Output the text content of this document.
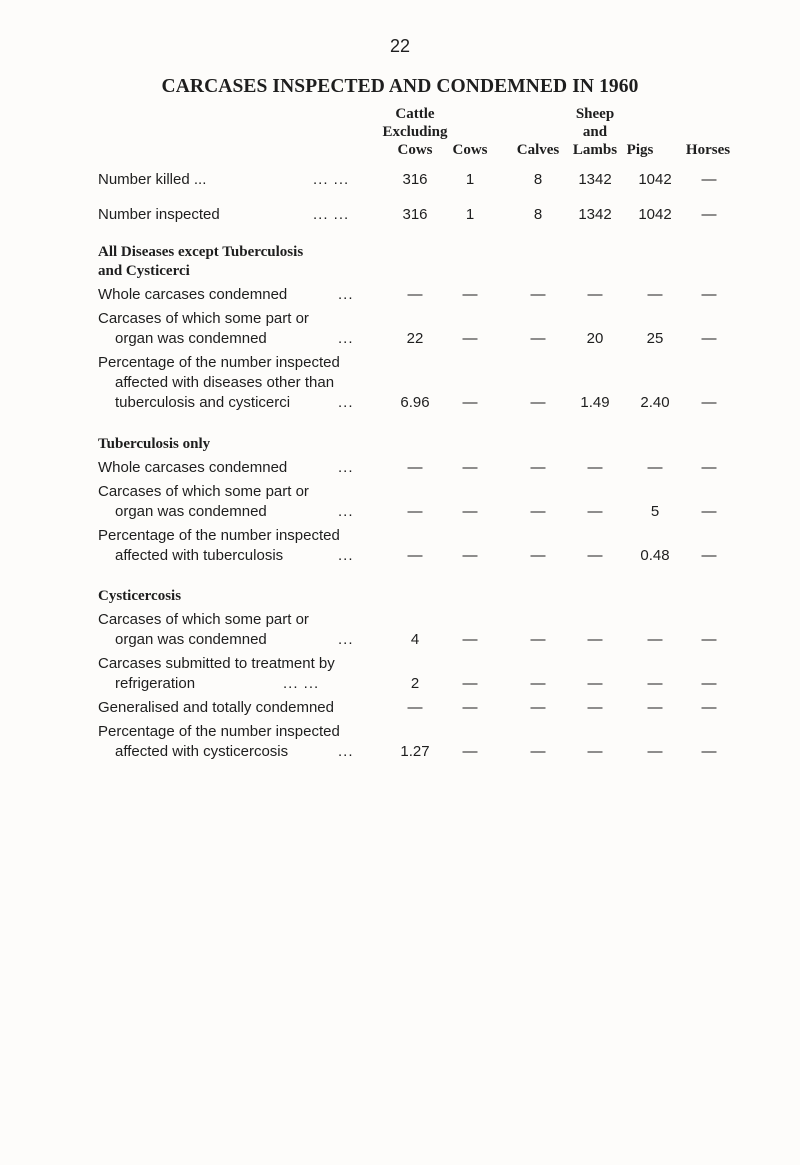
22
CARCASES INSPECTED AND CONDEMNED IN 1960
Cattle
Excluding
Cows	Cows	Calves
Sheep
and
Lambs Pigs	Horses
Number killed ...	... ...	316	1	8	1342	1042	—
Number inspected	... ...	316	1	8	1342	1042	—
All Diseases except Tuberculosis
and Cysticerci
Whole carcases condemned	...	—	—	—	—	—	—
Carcases of which some part or
organ was condemned	...	22	—	—	20	25	—
Percentage of the number inspected
affected with diseases other than
tuberculosis and cysticerci	...	6.96	—	—	1.49	2.40	—
Tuberculosis only
Whole carcases condemned	...	—	—	—	—	—	—
Carcases of which some part or
organ was condemned	...	—	—	—	—	5	—
Percentage of the number inspected
affected with tuberculosis	...	—	—	—	—	0.48	—
Cysticercosis
Carcases of which some part or
organ was condemned	...	4	—	—	—	—	—
Carcases submitted to treatment by
refrigeration	... ...	2	—	—	—	—	—
Generalised and totally condemned	—	—	—	—	—	—
Percentage of the number inspected
affected with cysticercosis	...	1.27	—	—	—	—	—
